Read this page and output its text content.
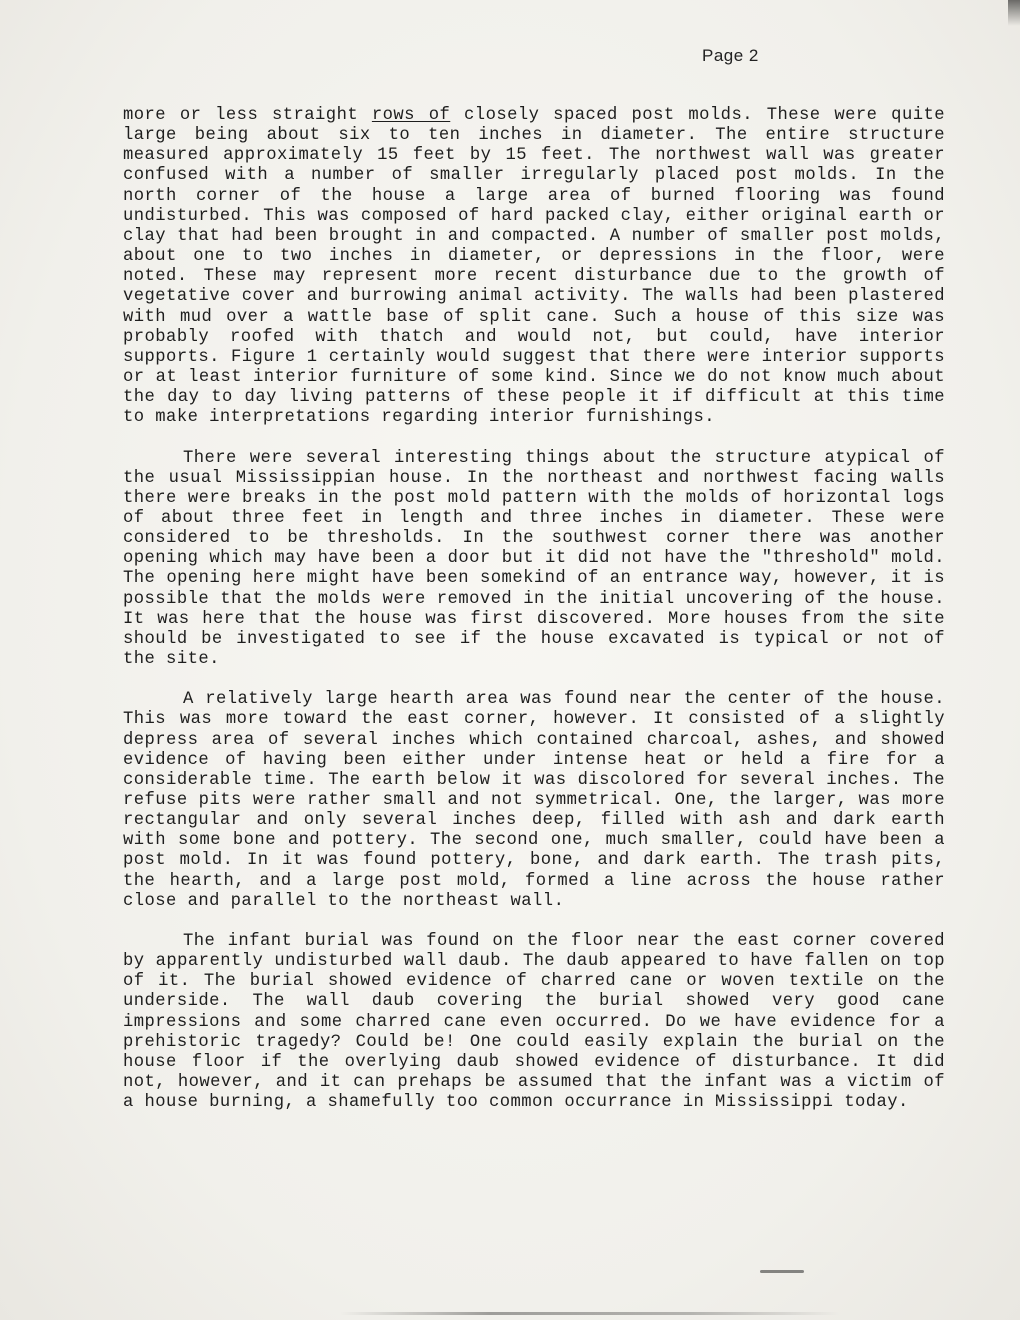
Page 2

more or less straight rows of closely spaced post molds. These were quite large being about six to ten inches in diameter. The entire structure measured approximately 15 feet by 15 feet. The northwest wall was greater confused with a number of smaller irregularly placed post molds. In the north corner of the house a large area of burned flooring was found undisturbed. This was composed of hard packed clay, either original earth or clay that had been brought in and compacted. A number of smaller post molds, about one to two inches in diameter, or depressions in the floor, were noted. These may represent more recent disturbance due to the growth of vegetative cover and burrowing animal activity. The walls had been plastered with mud over a wattle base of split cane. Such a house of this size was probably roofed with thatch and would not, but could, have interior supports. Figure 1 certainly would suggest that there were interior supports or at least interior furniture of some kind. Since we do not know much about the day to day living patterns of these people it if difficult at this time to make interpretations regarding interior furnishings.

There were several interesting things about the structure atypical of the usual Mississippian house. In the northeast and northwest facing walls there were breaks in the post mold pattern with the molds of horizontal logs of about three feet in length and three inches in diameter. These were considered to be thresholds. In the southwest corner there was another opening which may have been a door but it did not have the "threshold" mold. The opening here might have been somekind of an entrance way, however, it is possible that the molds were removed in the initial uncovering of the house. It was here that the house was first discovered. More houses from the site should be investigated to see if the house excavated is typical or not of the site.

A relatively large hearth area was found near the center of the house. This was more toward the east corner, however. It consisted of a slightly depress area of several inches which contained charcoal, ashes, and showed evidence of having been either under intense heat or held a fire for a considerable time. The earth below it was discolored for several inches. The refuse pits were rather small and not symmetrical. One, the larger, was more rectangular and only several inches deep, filled with ash and dark earth with some bone and pottery. The second one, much smaller, could have been a post mold. In it was found pottery, bone, and dark earth. The trash pits, the hearth, and a large post mold, formed a line across the house rather close and parallel to the northeast wall.

The infant burial was found on the floor near the east corner covered by apparently undisturbed wall daub. The daub appeared to have fallen on top of it. The burial showed evidence of charred cane or woven textile on the underside. The wall daub covering the burial showed very good cane impressions and some charred cane even occurred. Do we have evidence for a prehistoric tragedy? Could be! One could easily explain the burial on the house floor if the overlying daub showed evidence of disturbance. It did not, however, and it can prehaps be assumed that the infant was a victim of a house burning, a shamefully too common occurrance in Mississippi today.
